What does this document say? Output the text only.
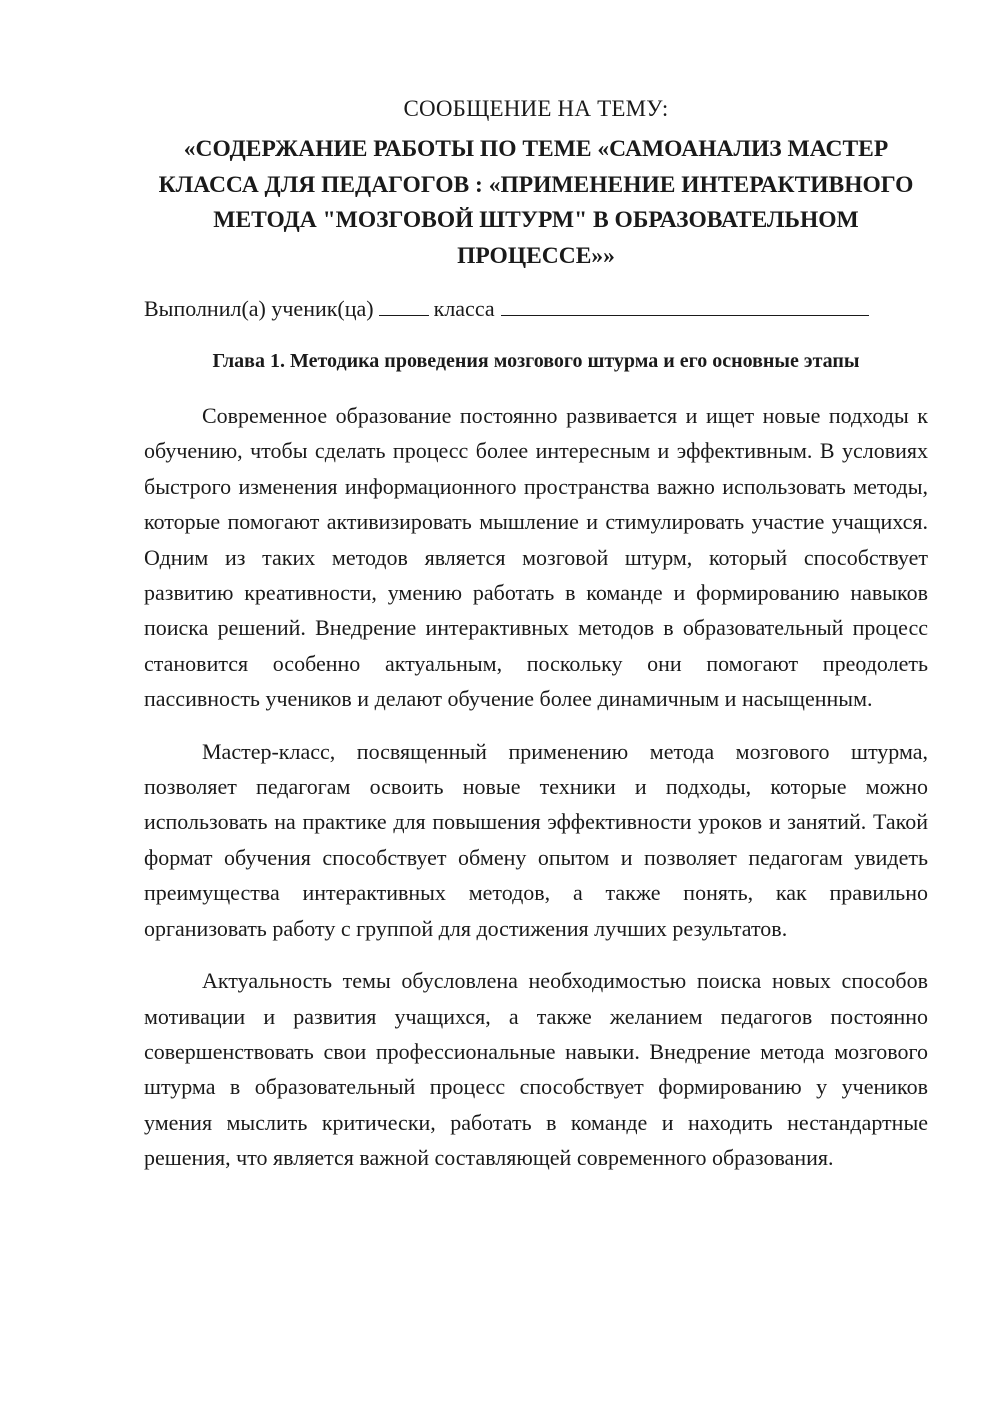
СООБЩЕНИЕ НА ТЕМУ:
«СОДЕРЖАНИЕ РАБОТЫ ПО ТЕМЕ «САМОАНАЛИЗ МАСТЕР
КЛАССА ДЛЯ ПЕДАГОГОВ : «ПРИМЕНЕНИЕ ИНТЕРАКТИВНОГО
МЕТОДА "МОЗГОВОЙ ШТУРМ" В ОБРАЗОВАТЕЛЬНОМ
ПРОЦЕССЕ»»
Выполнил(а) ученик(ца)	класса
Глава 1. Методика проведения мозгового штурма и его основные этапы

Современное образование постоянно развивается и ищет новые подходы к обучению, чтобы сделать процесс более интересным и эффективным. В условиях быстрого изменения информационного пространства важно использовать методы, которые помогают активизировать мышление и стимулировать участие учащихся. Одним из таких методов является мозговой штурм, который способствует развитию креативности, умению работать в команде и формированию навыков поиска решений. Внедрение интерактивных методов в образовательный процесс становится особенно актуальным, поскольку они помогают преодолеть пассивность учеников и делают обучение более динамичным и насыщенным.

Мастер-класс, посвященный применению метода мозгового штурма, позволяет педагогам освоить новые техники и подходы, которые можно использовать на практике для повышения эффективности уроков и занятий. Такой формат обучения способствует обмену опытом и позволяет педагогам увидеть преимущества интерактивных методов, а также понять, как правильно организовать работу с группой для достижения лучших результатов.

Актуальность темы обусловлена необходимостью поиска новых способов мотивации и развития учащихся, а также желанием педагогов постоянно совершенствовать свои профессиональные навыки. Внедрение метода мозгового штурма в образовательный процесс способствует формированию у учеников умения мыслить критически, работать в команде и находить нестандартные решения, что является важной составляющей современного образования.
